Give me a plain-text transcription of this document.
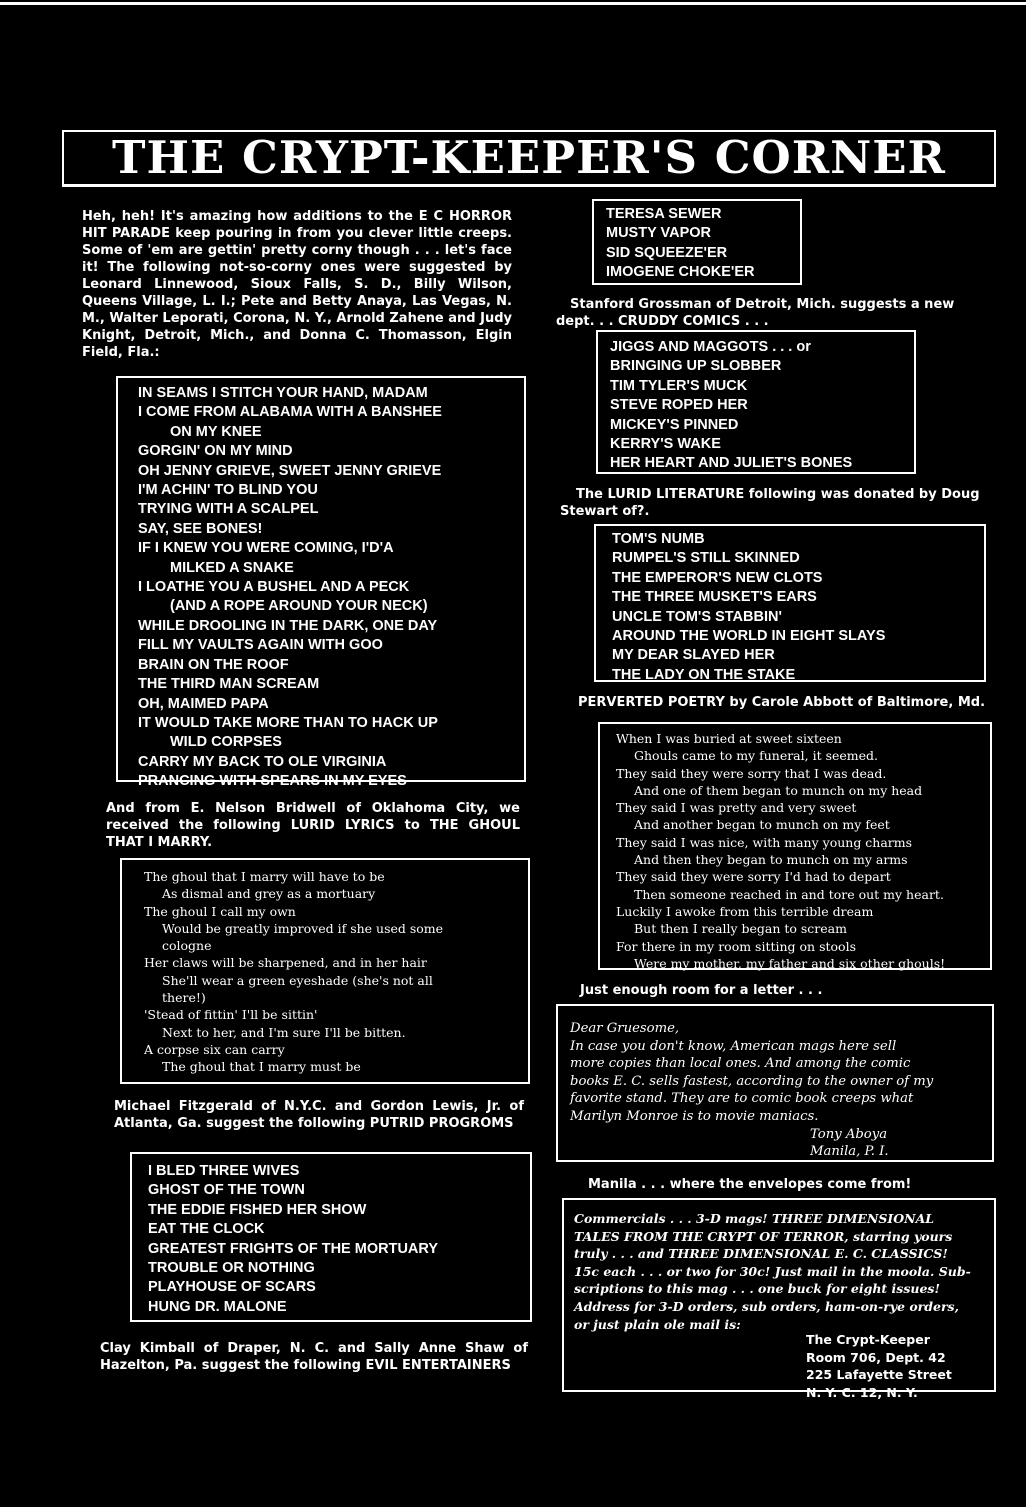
THE CRYPT-KEEPER'S CORNER

Heh, heh! It's amazing how additions to the E C HORROR HIT PARADE keep pouring in from you clever little creeps. Some of 'em are gettin' pretty corny though . . . let's face it! The following not-so-corny ones were suggested by Leonard Linnewood, Sioux Falls, S. D., Billy Wilson, Queens Village, L. I.; Pete and Betty Anaya, Las Vegas, N. M., Walter Leporati, Corona, N. Y., Arnold Zahene and Judy Knight, Detroit, Mich., and Donna C. Thomasson, Elgin Field, Fla.:

IN SEAMS I STITCH YOUR HAND, MADAM
I COME FROM ALABAMA WITH A BANSHEE
ON MY KNEE
GORGIN' ON MY MIND
OH JENNY GRIEVE, SWEET JENNY GRIEVE
I'M ACHIN' TO BLIND YOU
TRYING WITH A SCALPEL
SAY, SEE BONES!
IF I KNEW YOU WERE COMING, I'D'A
MILKED A SNAKE
I LOATHE YOU A BUSHEL AND A PECK
(AND A ROPE AROUND YOUR NECK)
WHILE DROOLING IN THE DARK, ONE DAY
FILL MY VAULTS AGAIN WITH GOO
BRAIN ON THE ROOF
THE THIRD MAN SCREAM
OH, MAIMED PAPA
IT WOULD TAKE MORE THAN TO HACK UP
WILD CORPSES
CARRY MY BACK TO OLE VIRGINIA
PRANCING WITH SPEARS IN MY EYES

And from E. Nelson Bridwell of Oklahoma City, we received the following LURID LYRICS to THE GHOUL THAT I MARRY.

The ghoul that I marry will have to be
As dismal and grey as a mortuary
The ghoul I call my own
Would be greatly improved if she used some
cologne
Her claws will be sharpened, and in her hair
She'll wear a green eyeshade (she's not all
there!)
'Stead of fittin' I'll be sittin'
Next to her, and I'm sure I'll be bitten.
A corpse six can carry
The ghoul that I marry must be

Michael Fitzgerald of N.Y.C. and Gordon Lewis, Jr. of Atlanta, Ga. suggest the following PUTRID PROGROMS

I BLED THREE WIVES
GHOST OF THE TOWN
THE EDDIE FISHED HER SHOW
EAT THE CLOCK
GREATEST FRIGHTS OF THE MORTUARY
TROUBLE OR NOTHING
PLAYHOUSE OF SCARS
HUNG DR. MALONE

Clay Kimball of Draper, N. C. and Sally Anne Shaw of Hazelton, Pa. suggest the following EVIL ENTERTAINERS

TERESA SEWER
MUSTY VAPOR
SID SQUEEZE'ER
IMOGENE CHOKE'ER

Stanford Grossman of Detroit, Mich. suggests a new dept. . . CRUDDY COMICS . . .

JIGGS AND MAGGOTS . . . or
BRINGING UP SLOBBER
TIM TYLER'S MUCK
STEVE ROPED HER
MICKEY'S PINNED
KERRY'S WAKE
HER HEART AND JULIET'S BONES

The LURID LITERATURE following was donated by Doug Stewart of?.

TOM'S NUMB
RUMPEL'S STILL SKINNED
THE EMPEROR'S NEW CLOTS
THE THREE MUSKET'S EARS
UNCLE TOM'S STABBIN'
AROUND THE WORLD IN EIGHT SLAYS
MY DEAR SLAYED HER
THE LADY ON THE STAKE

PERVERTED POETRY by Carole Abbott of Baltimore, Md.

When I was buried at sweet sixteen
Ghouls came to my funeral, it seemed.
They said they were sorry that I was dead.
And one of them began to munch on my head
They said I was pretty and very sweet
And another began to munch on my feet
They said I was nice, with many young charms
And then they began to munch on my arms
They said they were sorry I'd had to depart
Then someone reached in and tore out my heart.
Luckily I awoke from this terrible dream
But then I really began to scream
For there in my room sitting on stools
Were my mother, my father and six other ghouls!

Just enough room for a letter . . .

Dear Gruesome,
In case you don't know, American mags here sell
more copies than local ones. And among the comic
books E. C. sells fastest, according to the owner of my
favorite stand. They are to comic book creeps what
Marilyn Monroe is to movie maniacs.
Tony Aboya
Manila, P. I.

Manila . . . where the envelopes come from!

Commercials . . . 3-D mags! THREE DIMENSIONAL
TALES FROM THE CRYPT OF TERROR, starring yours
truly . . . and THREE DIMENSIONAL E. C. CLASSICS!
15c each . . . or two for 30c! Just mail in the moola. Sub-
scriptions to this mag . . . one buck for eight issues!
Address for 3-D orders, sub orders, ham-on-rye orders,
or just plain ole mail is:
The Crypt-Keeper
Room 706, Dept. 42
225 Lafayette Street
N. Y. C. 12, N. Y.
